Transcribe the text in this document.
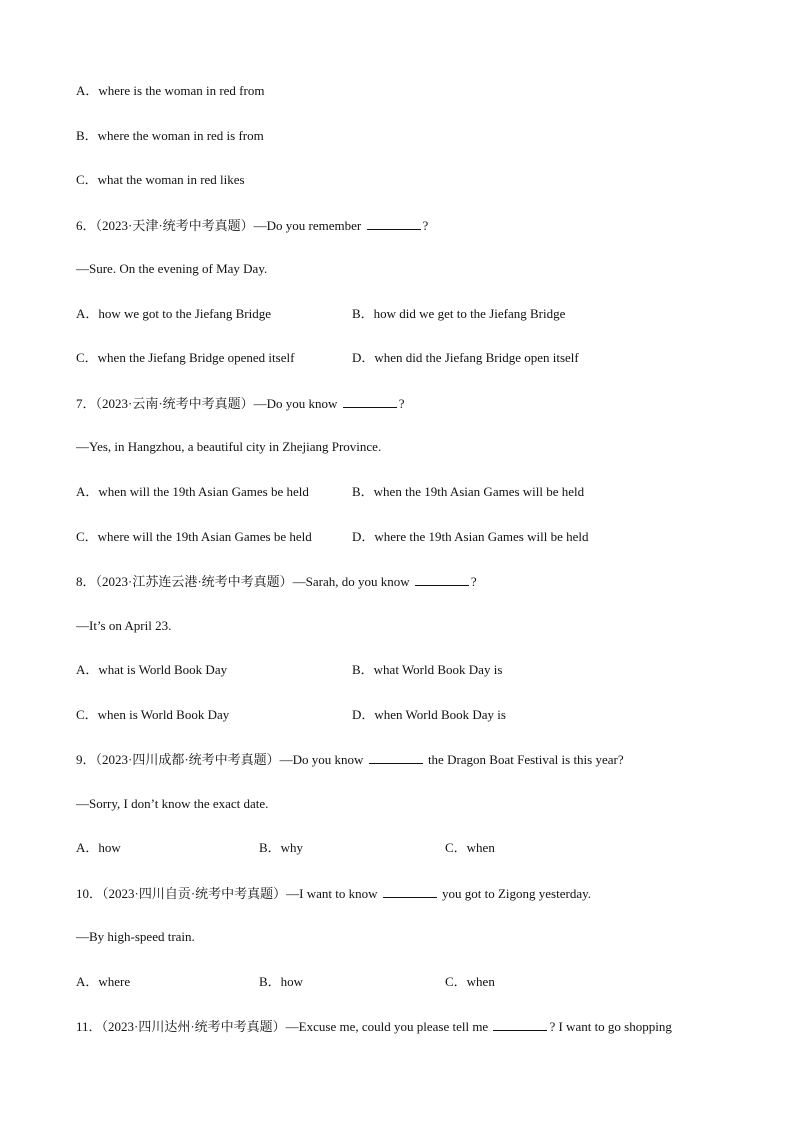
A．where is the woman in red from
B．where the woman in red is from
C．what the woman in red likes
6．（2023·天津·统考中考真题）—Do you remember	?
—Sure. On the evening of May Day.
A．how we got to the Jiefang Bridge	B．how did we get to the Jiefang Bridge
C．when the Jiefang Bridge opened itself	D．when did the Jiefang Bridge open itself
7．（2023·云南·统考中考真题）—Do you know	?
—Yes, in Hangzhou, a beautiful city in Zhejiang Province.
A．when will the 19th Asian Games be held	B．when the 19th Asian Games will be held
C．where will the 19th Asian Games be held	D．where the 19th Asian Games will be held
8．（2023·江苏连云港·统考中考真题）—Sarah, do you know	?
—It’s on April 23.
A．what is World Book Day	B．what World Book Day is
C．when is World Book Day	D．when World Book Day is
9．（2023·四川成都·统考中考真题）—Do you know	the Dragon Boat Festival is this year?
—Sorry, I don’t know the exact date.
A．how	B．why	C．when
10．（2023·四川自贡·统考中考真题）—I want to know	you got to Zigong yesterday.
—By high-speed train.
A．where	B．how	C．when
11．（2023·四川达州·统考中考真题）—Excuse me, could you please tell me	? I want to go shopping
